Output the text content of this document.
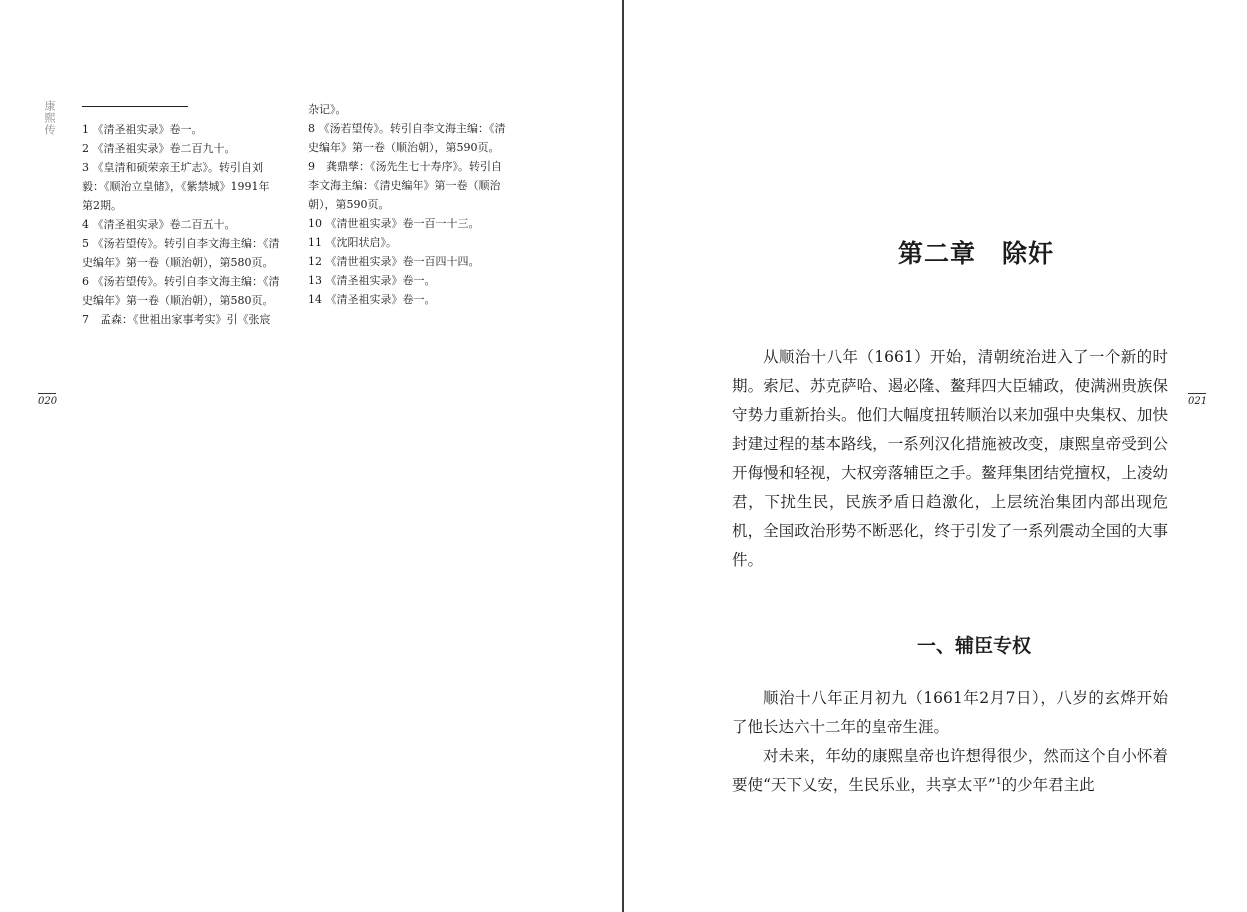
康熙传 1 《清圣祖实录》卷一。
2 《清圣祖实录》卷二百九十。
3 《皇清和硕荣亲王圹志》。转引自刘
毅：《顺治立皇储》，《紫禁城》1991年
第2期。
4 《清圣祖实录》卷二百五十。
5 《汤若望传》。转引自李文海主编：《清
史编年》第一卷（顺治朝），第580页。
6 《汤若望传》。转引自李文海主编：《清
史编年》第一卷（顺治朝），第580页。
7　孟森：《世祖出家事考实》引《张宸
杂记》。
8 《汤若望传》。转引自李文海主编：《清
史编年》第一卷（顺治朝），第590页。
9　龚鼎孳：《汤先生七十寿序》。转引自
李文海主编：《清史编年》第一卷（顺治
朝），第590页。
10 《清世祖实录》卷一百一十三。
11 《沈阳状启》。
12 《清世祖实录》卷一百四十四。
13 《清圣祖实录》卷一。
14 《清圣祖实录》卷一。
020	021
第二章　除奸

从顺治十八年（1661）开始，清朝统治进入了一个新的时期。索尼、苏克萨哈、遏必隆、鳌拜四大臣辅政，使满洲贵族保守势力重新抬头。他们大幅度扭转顺治以来加强中央集权、加快封建过程的基本路线，一系列汉化措施被改变，康熙皇帝受到公开侮慢和轻视，大权旁落辅臣之手。鳌拜集团结党擅权，上凌幼君，下扰生民，民族矛盾日趋激化，上层统治集团内部出现危机，全国政治形势不断恶化，终于引发了一系列震动全国的大事件。

一、辅臣专权

顺治十八年正月初九（1661年2月7日），八岁的玄烨开始了他长达六十二年的皇帝生涯。

对未来，年幼的康熙皇帝也许想得很少，然而这个自小怀着要使“天下乂安，生民乐业，共享太平”$^1$的少年君主此
